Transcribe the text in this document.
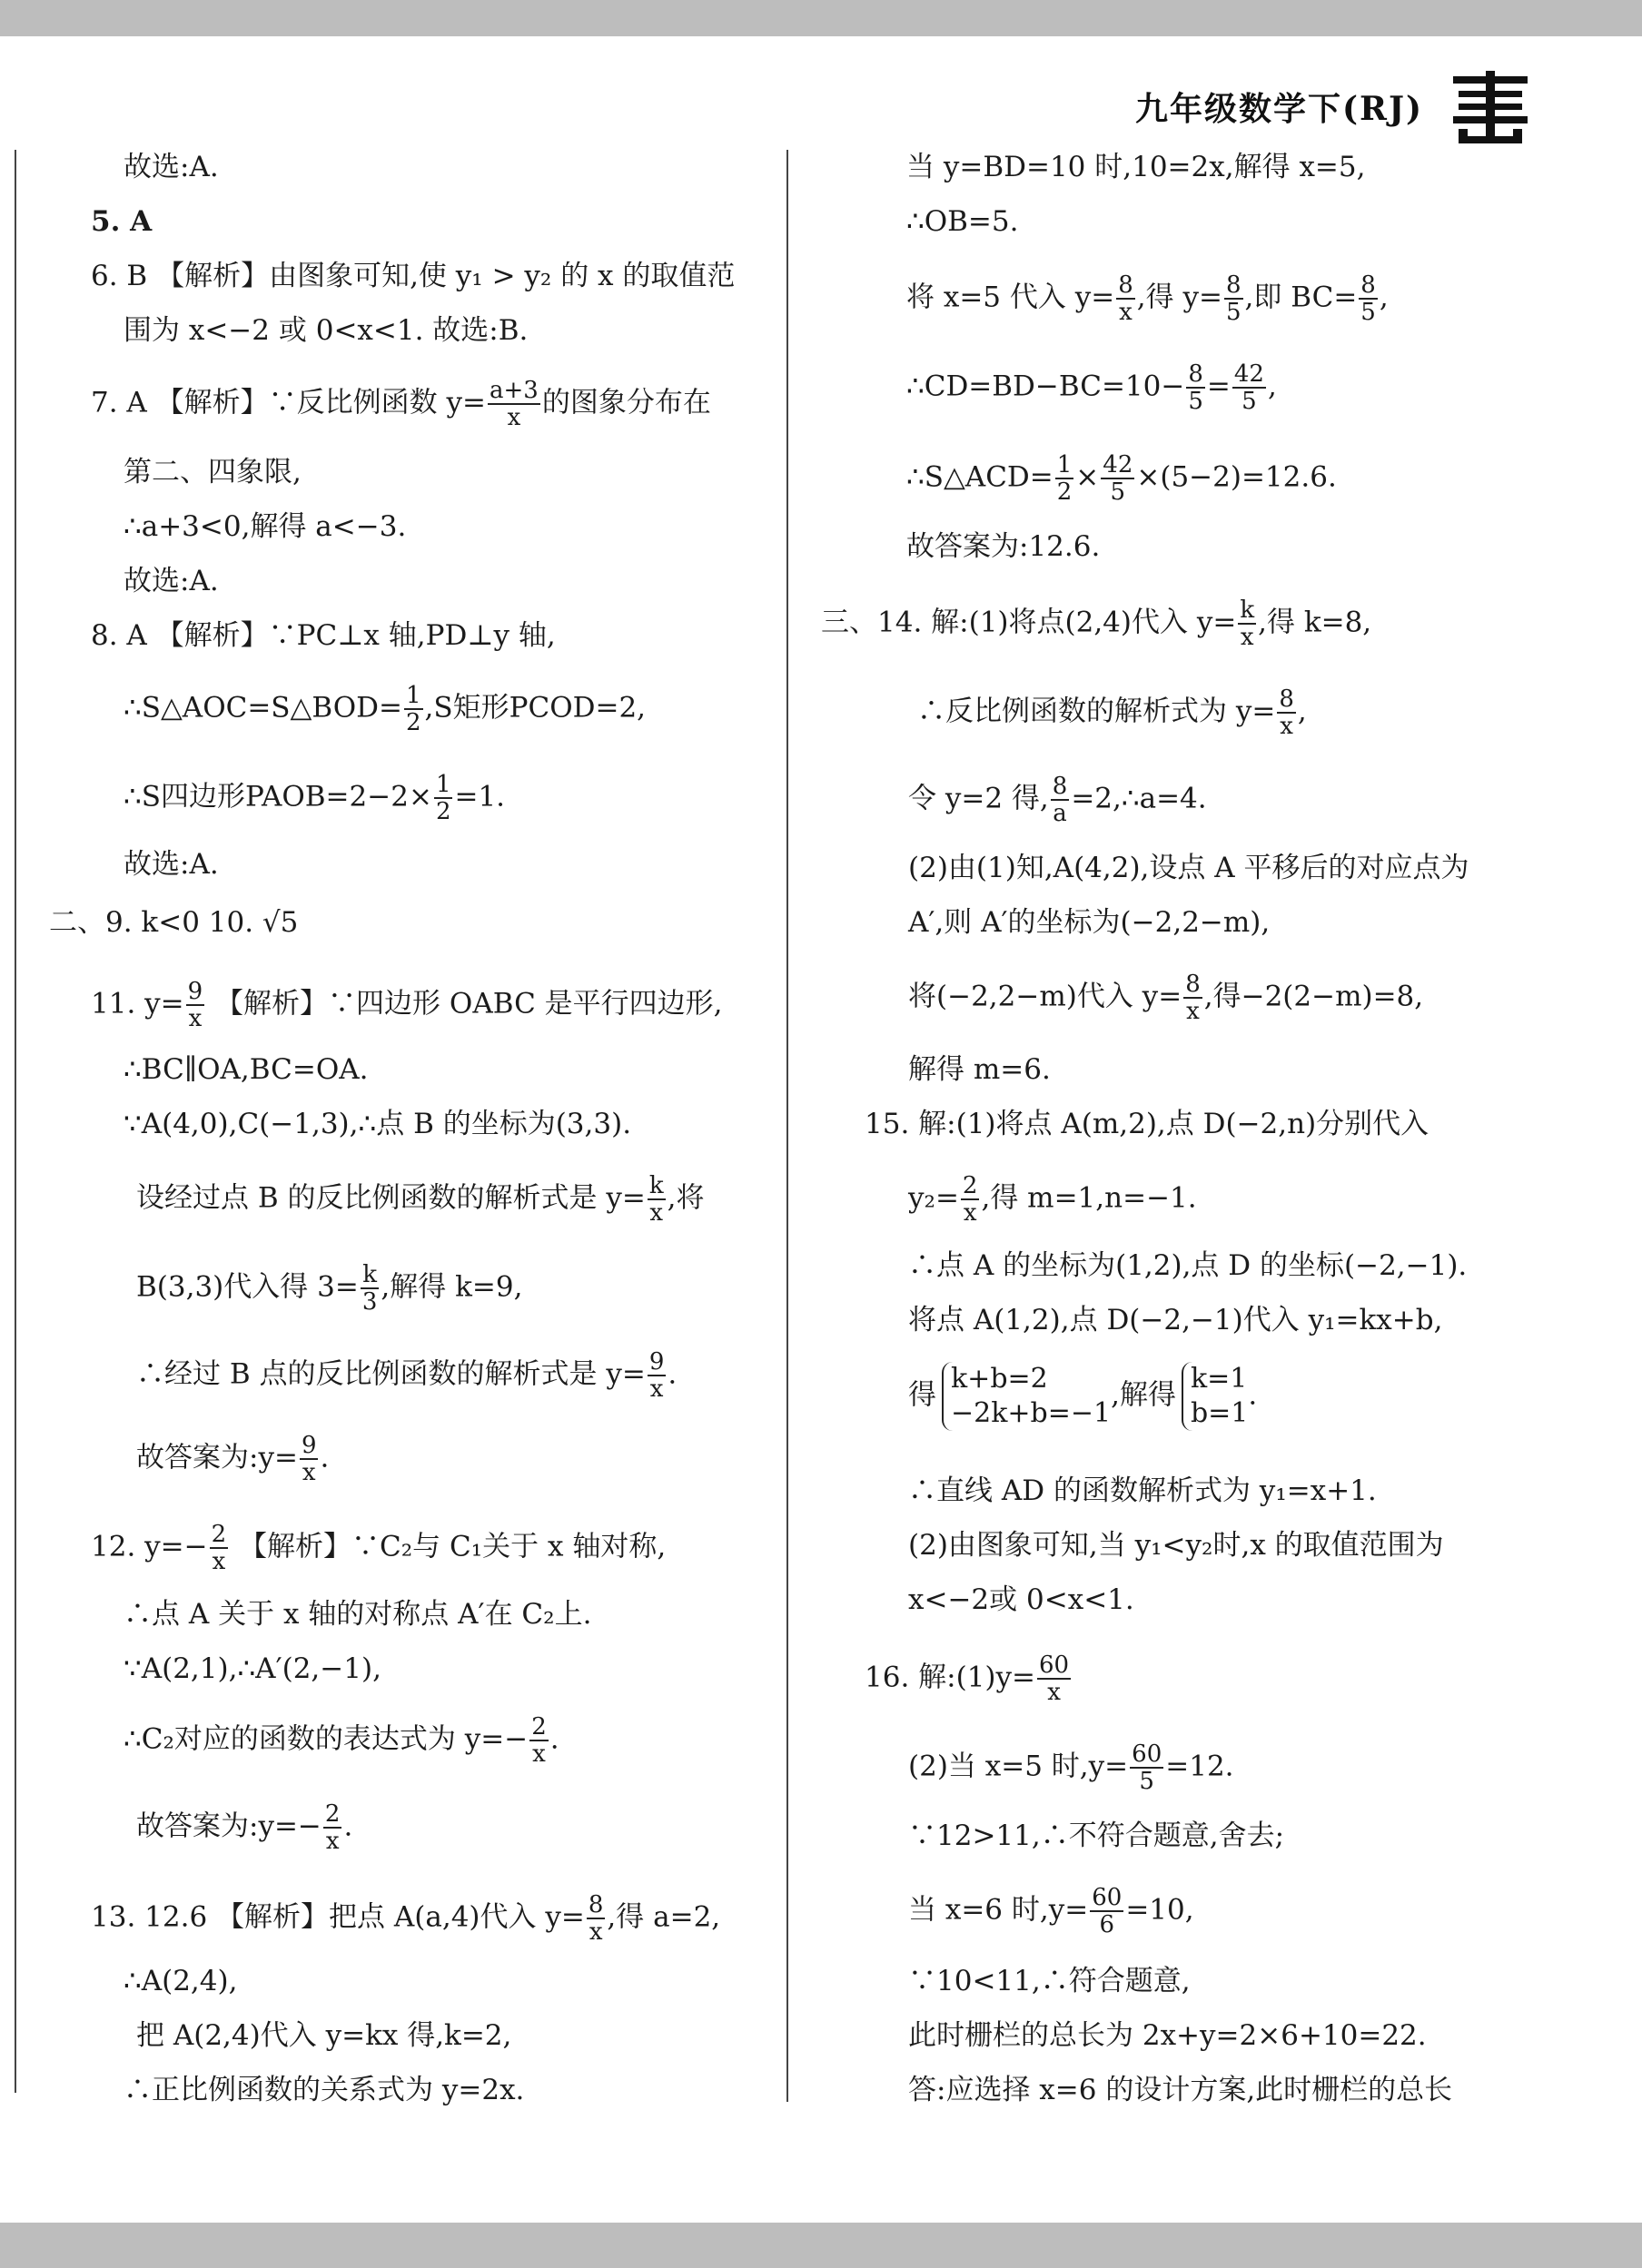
九年级数学下(RJ)
故选:A.
5. A
6. B 【解析】由图象可知,使 y₁ > y₂ 的 x 的取值范
围为 x<−2 或 0<x<1. 故选:B.
7. A 【解析】∵反比例函数 $y= \frac{a+3}{x}$ 的图象分布在
第二、四象限,
∴a+3<0,解得 a<−3.
故选:A.
8. A 【解析】∵PC⊥x 轴,PD⊥y 轴,
∴S△AOC=S△BOD= $\frac{1}{2} ,S$矩形PCOD=2,
∴S四边形PAOB=2−2× $\frac{1}{2} =1$.
故选:A.
二、9. k<0 10. √5
11. $y= \frac{9}{x}$ 【解析】∵四边形 OABC 是平行四边形,
∴BC∥OA,BC=OA.
∵A(4,0),C(−1,3),∴点 B 的坐标为(3,3).
设经过点 B 的反比例函数的解析式是 $y= \frac{k}{x}$ ,将
B(3,3)代入得 $3= \frac{k}{3}$ ,解得 k=9,
∴经过 B 点的反比例函数的解析式是 $y= \frac{9}{x}$ .
故答案为:y= $\frac{9}{x}$ .
12. $y=- \frac{2}{x}$ 【解析】∵C₂与 C₁关于 x 轴对称,
∴点 A 关于 x 轴的对称点 A′在 C₂上.
∵A(2,1),∴A′(2,−1),
∴C₂对应的函数的表达式为 $y=- \frac{2}{x}$ .
故答案为:y=− $\frac{2}{x}$ .
13. 12.6 【解析】把点 A(a,4)代入 $y= \frac{8}{x}$ ,得 a=2,
∴A(2,4),
把 A(2,4)代入 y=kx 得,k=2,
∴正比例函数的关系式为 y=2x.
当 y=BD=10 时,10=2x,解得 x=5,
∴OB=5.
将 x=5 代入 $y= \frac{8}{x}$ ,得 $y= \frac{8}{5}$ ,即 $BC= \frac{8}{5}$ ,
∴CD=BD−BC=10− $\frac{8}{5} = \frac{42}{5}$ ,
∴S△ACD= $\frac{1}{2} \times \frac{42}{5} \times(5-2)=12.6$.
故答案为:12.6.
三、14. 解:(1)将点(2,4)代入 $y= \frac{k}{x}$ ,得 k=8,
∴反比例函数的解析式为 $y= \frac{8}{x}$ ,
令 y=2 得, $\frac{8}{a}$ =2,∴a=4.
(2)由(1)知,A(4,2),设点 A 平移后的对应点为
A′,则 A′的坐标为(−2,2−m),
将(−2,2−m)代入 $y= \frac{8}{x}$ ,得−2(2−m)=8,
解得 m=6.
15. 解:(1)将点 A(m,2),点 D(−2,n)分别代入
$y_2= \frac{2}{x}$ ,得 m=1,n=−1.
∴点 A 的坐标为(1,2),点 D 的坐标(−2,−1).
将点 A(1,2),点 D(−2,−1)代入 y₁=kx+b,
得 k+b=2
−2k+b=−1
,解得 k=1
b=1
.
∴直线 AD 的函数解析式为 y₁=x+1.
(2)由图象可知,当 y₁<y₂时,x 的取值范围为
x<−2或 0<x<1.
16. 解:(1)y= $\frac{60}{x}$
(2)当 x=5 时$,y= \frac{60}{5} =12$.
∵12>11,∴不符合题意,舍去;
当 x=6 时$,y= \frac{60}{6} =10$,
∵10<11,∴符合题意,
此时栅栏的总长为 2x+y=2×6+10=22.
答:应选择 x=6 的设计方案,此时栅栏的总长
